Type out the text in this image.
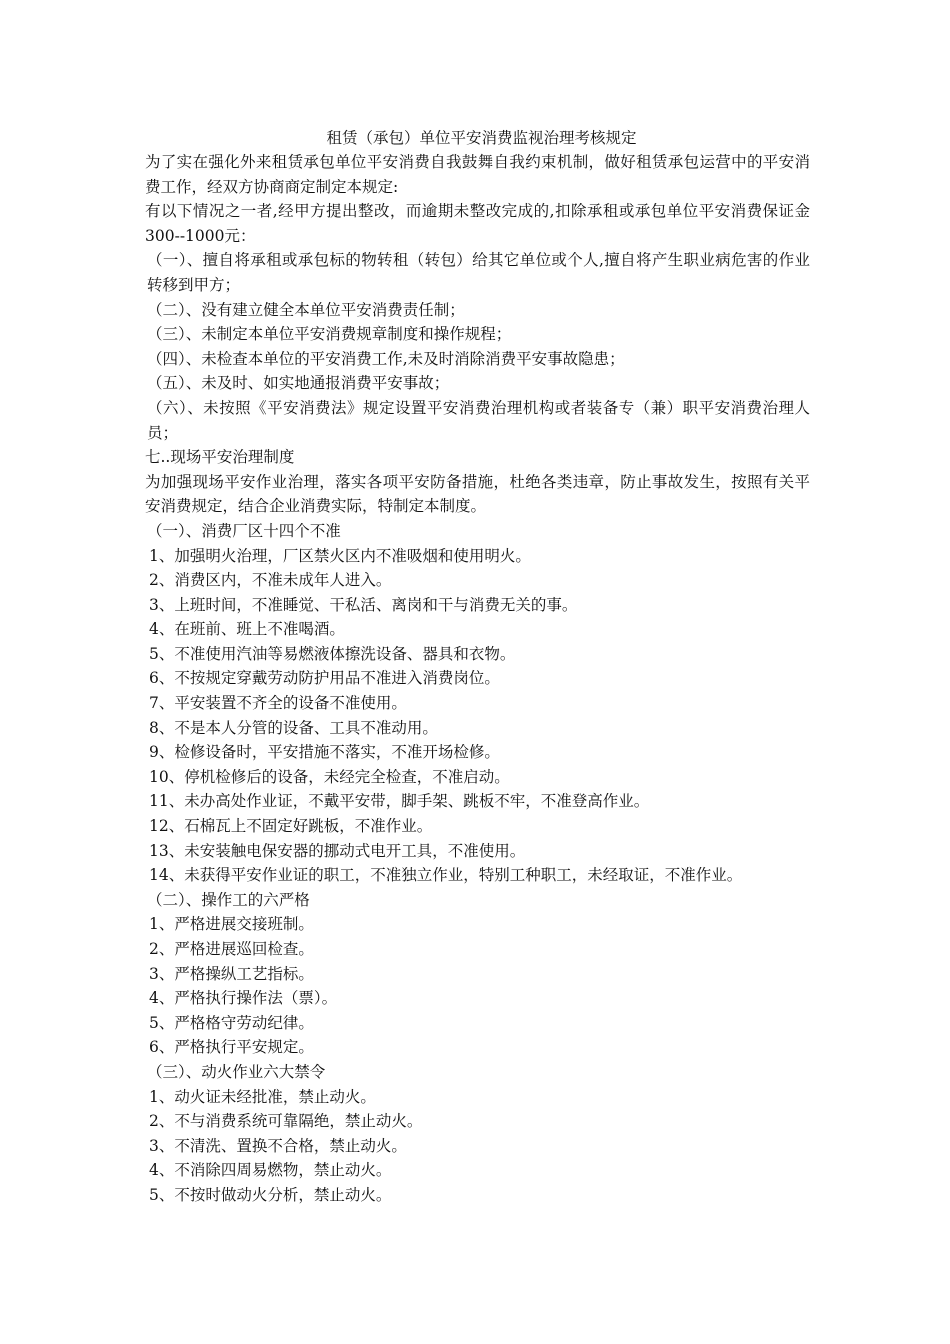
租赁（承包）单位平安消费监视治理考核规定

为了实在强化外来租赁承包单位平安消费自我鼓舞自我约束机制，做好租赁承包运营中的平安消费工作，经双方协商商定制定本规定:

有以下情况之一者,经甲方提出整改，而逾期未整改完成的,扣除承租或承包单位平安消费保证金300--1000元：

（一）、擅自将承租或承包标的物转租（转包）给其它单位或个人,擅自将产生职业病危害的作业转移到甲方；

（二）、没有建立健全本单位平安消费责任制；

（三）、未制定本单位平安消费规章制度和操作规程；

（四）、未检查本单位的平安消费工作,未及时消除消费平安事故隐患；

（五）、未及时、如实地通报消费平安事故；

（六）、未按照《平安消费法》规定设置平安消费治理机构或者装备专（兼）职平安消费治理人员；

七..现场平安治理制度

为加强现场平安作业治理，落实各项平安防备措施，杜绝各类违章，防止事故发生，按照有关平安消费规定，结合企业消费实际，特制定本制度。

（一）、消费厂区十四个不准

1、加强明火治理，厂区禁火区内不准吸烟和使用明火。

2、消费区内，不准未成年人进入。

3、上班时间，不准睡觉、干私活、离岗和干与消费无关的事。

4、在班前、班上不准喝酒。

5、不准使用汽油等易燃液体擦洗设备、器具和衣物。

6、不按规定穿戴劳动防护用品不准进入消费岗位。

7、平安装置不齐全的设备不准使用。

8、不是本人分管的设备、工具不准动用。

9、检修设备时，平安措施不落实，不准开场检修。

10、停机检修后的设备，未经完全检查，不准启动。

11、未办高处作业证，不戴平安带，脚手架、跳板不牢，不准登高作业。

12、石棉瓦上不固定好跳板，不准作业。

13、未安装触电保安器的挪动式电开工具，不准使用。

14、未获得平安作业证的职工，不准独立作业，特别工种职工，未经取证，不准作业。

（二）、操作工的六严格

1、严格进展交接班制。

2、严格进展巡回检查。

3、严格操纵工艺指标。

4、严格执行操作法（票）。

5、严格格守劳动纪律。

6、严格执行平安规定。

（三）、动火作业六大禁令

1、动火证未经批准，禁止动火。

2、不与消费系统可靠隔绝，禁止动火。

3、不清洗、置换不合格，禁止动火。

4、不消除四周易燃物，禁止动火。

5、不按时做动火分析，禁止动火。
